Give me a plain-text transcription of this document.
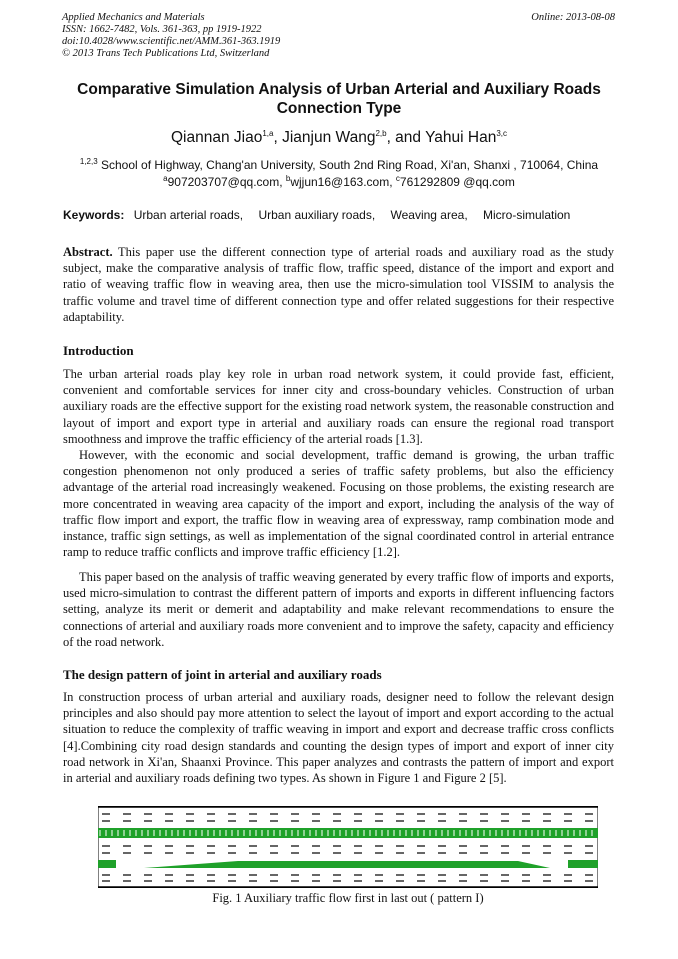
Applied Mechanics and Materials
ISSN: 1662-7482, Vols. 361-363, pp 1919-1922
doi:10.4028/www.scientific.net/AMM.361-363.1919
© 2013 Trans Tech Publications Ltd, Switzerland
Online: 2013-08-08
Comparative Simulation Analysis of Urban Arterial and Auxiliary Roads Connection Type
Qiannan Jiao$^{1,a}$, Jianjun Wang$^{2,b}$, and Yahui Han$^{3,c}$
$^{1,2,3}$ School of Highway, Chang'an University, South 2nd Ring Road, Xi'an, Shanxi , 710064, China
$^a$907203707@qq.com, $^b$wjjun16@163.com, $^c$761292809 @qq.com
Keywords: Urban arterial roads, Urban auxiliary roads, Weaving area, Micro-simulation
Abstract. This paper use the different connection type of arterial roads and auxiliary road as the study subject, make the comparative analysis of traffic flow, traffic speed, distance of the import and export and ratio of weaving traffic flow in weaving area, then use the micro-simulation tool VISSIM to analysis the traffic volume and travel time of different connection type and offer related suggestions for their respective adaptability.
Introduction
The urban arterial roads play key role in urban road network system, it could provide fast, efficient, convenient and comfortable services for inner city and cross-boundary vehicles. Construction of urban auxiliary roads are the effective support for the existing road network system, the reasonable construction and layout of import and export type in arterial and auxiliary roads can ensure the regional road transport smoothness and improve the traffic efficiency of the arterial roads [1.3].
However, with the economic and social development, traffic demand is growing, the urban traffic congestion phenomenon not only produced a series of traffic safety problems, but also the efficiency advantage of the arterial road increasingly weakened. Focusing on those problems, the existing research are more concentrated in weaving area capacity of the import and export, including the analysis of the way of traffic flow import and export, the traffic flow in weaving area of expressway, ramp combination mode and instance, traffic sign settings, as well as implementation of the signal coordinated control in arterial entrance ramp to reduce traffic conflicts and improve traffic efficiency [1.2].
This paper based on the analysis of traffic weaving generated by every traffic flow of imports and exports, used micro-simulation to contrast the different pattern of imports and exports in different influencing factors setting, analyze its merit or demerit and adaptability and make relevant recommendations to ensure the connections of arterial and auxiliary roads more convenient and to improve the safety, capacity and efficiency of the road network.
The design pattern of joint in arterial and auxiliary roads
In construction process of urban arterial and auxiliary roads, designer need to follow the relevant design principles and also should pay more attention to select the layout of import and export according to the actual situation to reduce the complexity of traffic weaving in import and export and decrease traffic cross conflicts [4].Combining city road design standards and counting the design types of import and export of inner city road network in Xi'an, Shaanxi Province. This paper analyzes and contrasts the pattern of import and export in arterial and auxiliary roads defining two types. As shown in Figure 1 and Figure 2 [5].
Fig. 1 Auxiliary traffic flow first in last out ( pattern I)
